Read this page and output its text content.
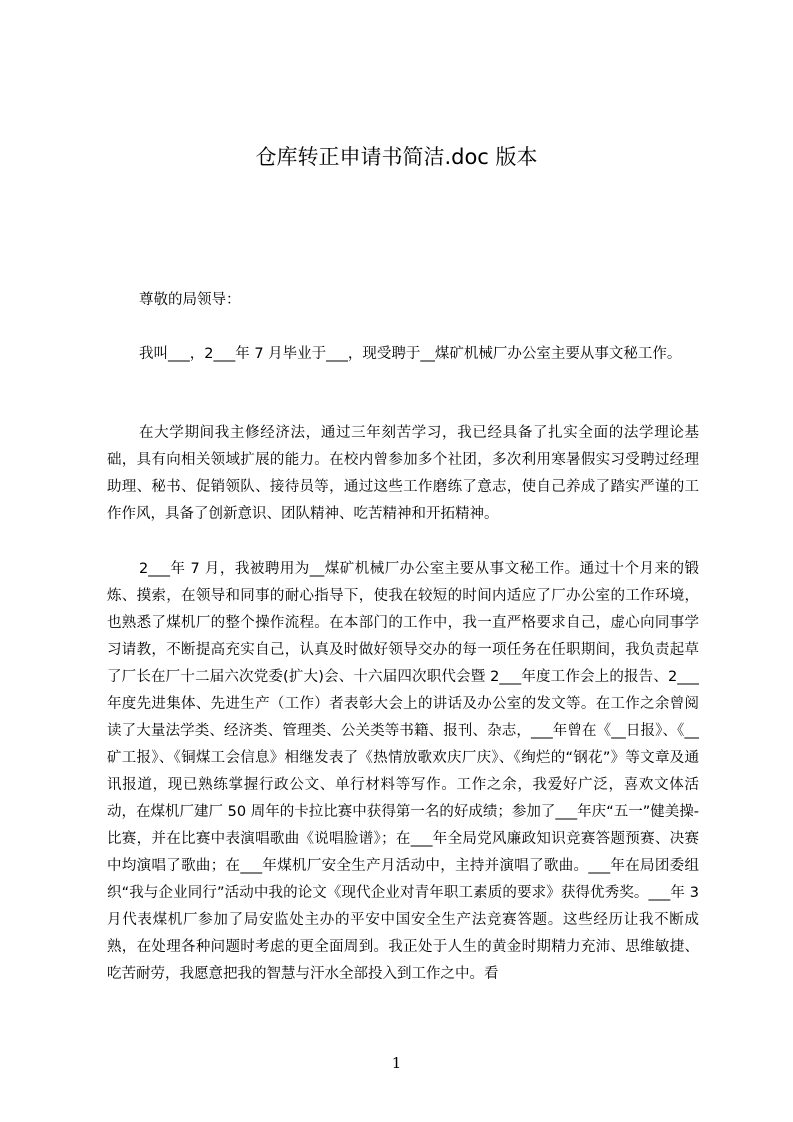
仓库转正申请书简洁.doc 版本
尊敬的局领导：
我叫___，2___年 7 月毕业于___，现受聘于__煤矿机械厂办公室主要从事文秘工作。
在大学期间我主修经济法，通过三年刻苦学习，我已经具备了扎实全面的法学理论基础，具有向相关领域扩展的能力。在校内曾参加多个社团，多次利用寒暑假实习受聘过经理助理、秘书、促销领队、接待员等，通过这些工作磨练了意志，使自己养成了踏实严谨的工作作风，具备了创新意识、团队精神、吃苦精神和开拓精神。
2___年 7 月，我被聘用为__煤矿机械厂办公室主要从事文秘工作。通过十个月来的锻炼、摸索，在领导和同事的耐心指导下，使我在较短的时间内适应了厂办公室的工作环境，也熟悉了煤机厂的整个操作流程。在本部门的工作中，我一直严格要求自己，虚心向同事学习请教，不断提高充实自己，认真及时做好领导交办的每一项任务在任职期间，我负责起草了厂长在厂十二届六次党委(扩大)会、十六届四次职代会暨 2___年度工作会上的报告、2___年度先进集体、先进生产（工作）者表彰大会上的讲话及办公室的发文等。在工作之余曾阅读了大量法学类、经济类、管理类、公关类等书籍、报刊、杂志，___年曾在《__日报》、《__矿工报》、《铜煤工会信息》相继发表了《热情放歌欢庆厂庆》、《绚烂的“钢花”》等文章及通讯报道，现已熟练掌握行政公文、单行材料等写作。工作之余，我爱好广泛，喜欢文体活动，在煤机厂建厂 50 周年的卡拉比赛中获得第一名的好成绩；参加了___年庆“五一”健美操-比赛，并在比赛中表演唱歌曲《说唱脸谱》；在___年全局党风廉政知识竞赛答题预赛、决赛中均演唱了歌曲；在___年煤机厂安全生产月活动中，主持并演唱了歌曲。___年在局团委组织“我与企业同行”活动中我的论文《现代企业对青年职工素质的要求》获得优秀奖。___年 3 月代表煤机厂参加了局安监处主办的平安中国安全生产法竞赛答题。这些经历让我不断成熟，在处理各种问题时考虑的更全面周到。我正处于人生的黄金时期精力充沛、思维敏捷、吃苦耐劳，我愿意把我的智慧与汗水全部投入到工作之中。看
1
